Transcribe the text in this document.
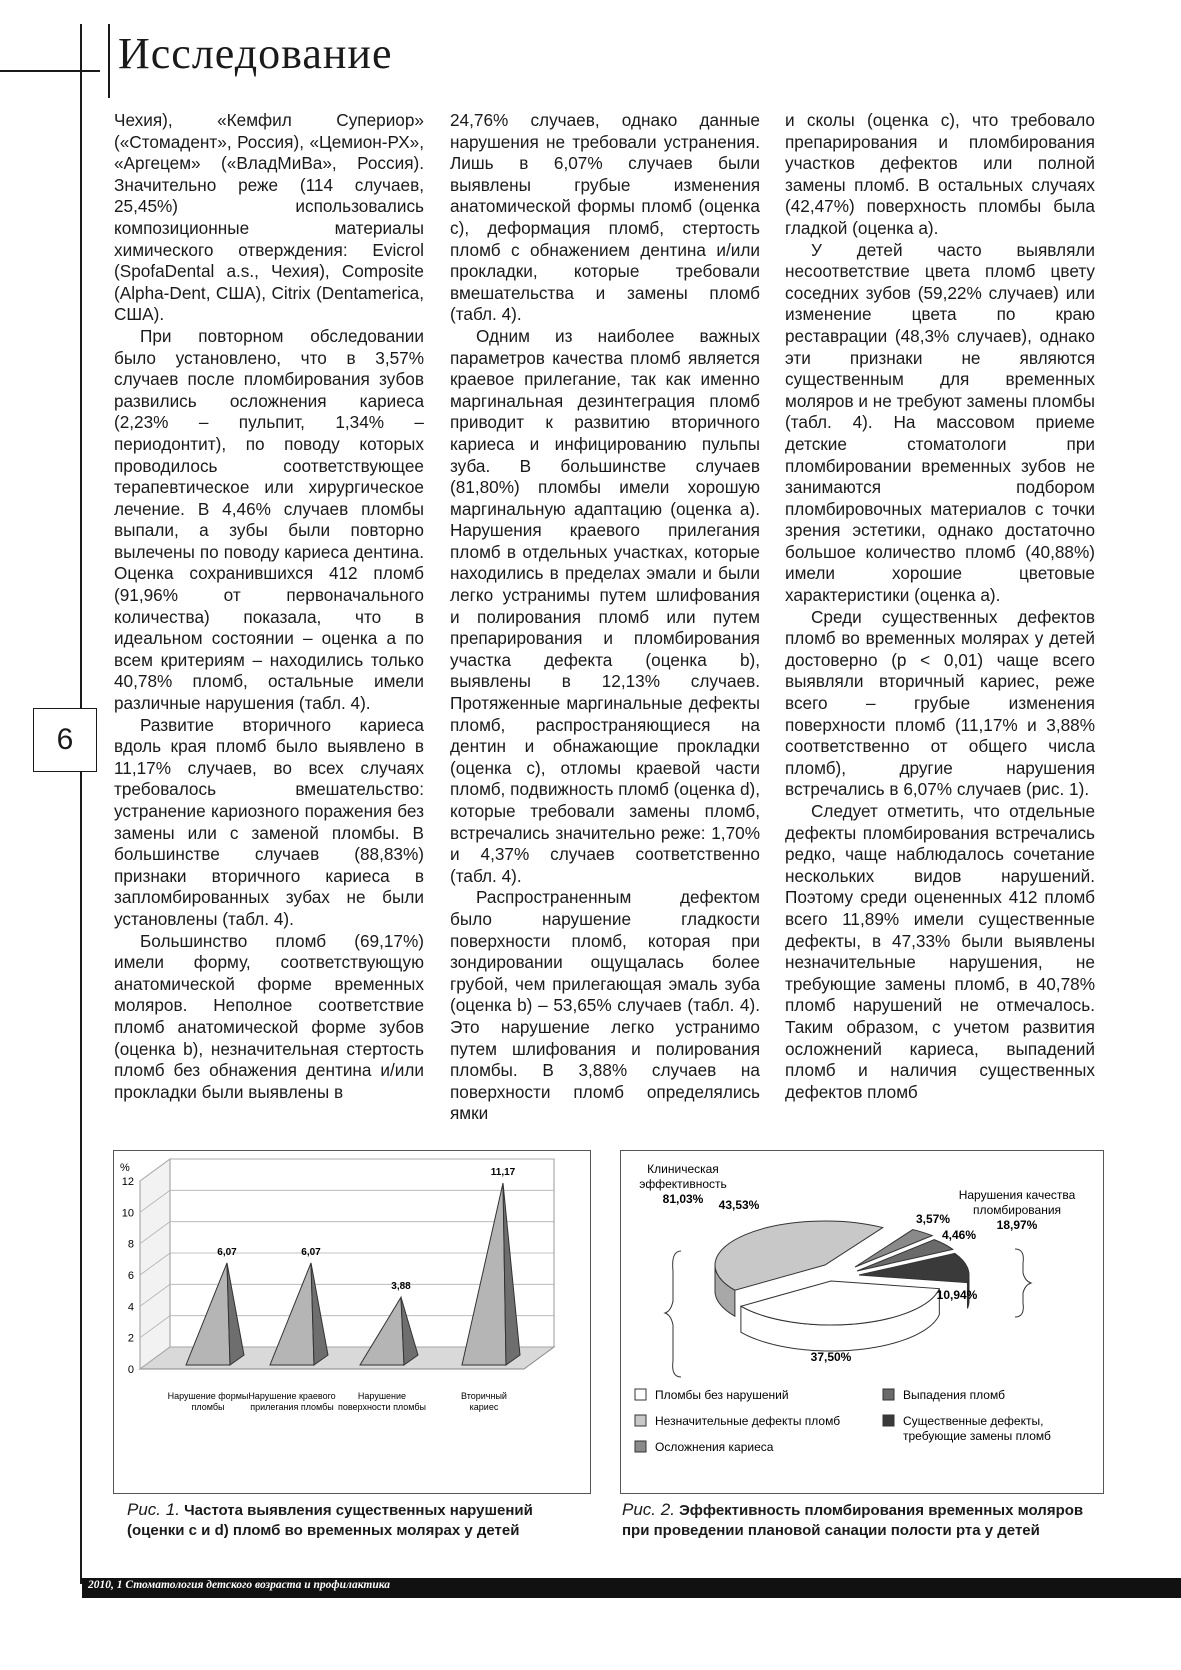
Исследование
6

Чехия), «Кемфил Супериор» («Стомадент», Россия), «Цемион-РХ», «Аргецем» («ВладМиВа», Россия). Значительно реже (114 случаев, 25,45%) использовались композиционные материалы химического отверждения: Evicrol (SpofaDental a.s., Чехия), Composite (Alpha-Dent, США), Citrix (Dentamerica, США).

При повторном обследовании было установлено, что в 3,57% случаев после пломбирования зубов развились осложнения кариеса (2,23% – пульпит, 1,34% – периодонтит), по поводу которых проводилось соответствующее терапевтическое или хирургическое лечение. В 4,46% случаев пломбы выпали, а зубы были повторно вылечены по поводу кариеса дентина. Оценка сохранившихся 412 пломб (91,96% от первоначального количества) показала, что в идеальном состоянии – оценка а по всем критериям – находились только 40,78% пломб, остальные имели различные нарушения (табл. 4).

Развитие вторичного кариеса вдоль края пломб было выявлено в 11,17% случаев, во всех случаях требовалось вмешательство: устранение кариозного поражения без замены или с заменой пломбы. В большинстве случаев (88,83%) признаки вторичного кариеса в запломбированных зубах не были установлены (табл. 4).

Большинство пломб (69,17%) имели форму, соответствующую анатомической форме временных моляров. Неполное соответствие пломб анатомической форме зубов (оценка b), незначительная стертость пломб без обнажения дентина и/или прокладки были выявлены в

24,76% случаев, однако данные нарушения не требовали устранения. Лишь в 6,07% случаев были выявлены грубые изменения анатомической формы пломб (оценка c), деформация пломб, стертость пломб с обнажением дентина и/или прокладки, которые требовали вмешательства и замены пломб (табл. 4).

Одним из наиболее важных параметров качества пломб является краевое прилегание, так как именно маргинальная дезинтеграция пломб приводит к развитию вторичного кариеса и инфицированию пульпы зуба. В большинстве случаев (81,80%) пломбы имели хорошую маргинальную адаптацию (оценка a). Нарушения краевого прилегания пломб в отдельных участках, которые находились в пределах эмали и были легко устранимы путем шлифования и полирования пломб или путем препарирования и пломбирования участка дефекта (оценка b), выявлены в 12,13% случаев. Протяженные маргинальные дефекты пломб, распространяющиеся на дентин и обнажающие прокладки (оценка c), отломы краевой части пломб, подвижность пломб (оценка d), которые требовали замены пломб, встречались значительно реже: 1,70% и 4,37% случаев соответственно (табл. 4).

Распространенным дефектом было нарушение гладкости поверхности пломб, которая при зондировании ощущалась более грубой, чем прилегающая эмаль зуба (оценка b) – 53,65% случаев (табл. 4). Это нарушение легко устранимо путем шлифования и полирования пломбы. В 3,88% случаев на поверхности пломб определялись ямки

и сколы (оценка c), что требовало препарирования и пломбирования участков дефектов или полной замены пломб. В остальных случаях (42,47%) поверхность пломбы была гладкой (оценка a).

У детей часто выявляли несоответствие цвета пломб цвету соседних зубов (59,22% случаев) или изменение цвета по краю реставрации (48,3% случаев), однако эти признаки не являются существенным для временных моляров и не требуют замены пломбы (табл. 4). На массовом приеме детские стоматологи при пломбировании временных зубов не занимаются подбором пломбировочных материалов с точки зрения эстетики, однако достаточно большое количество пломб (40,88%) имели хорошие цветовые характеристики (оценка a).

Среди существенных дефектов пломб во временных молярах у детей достоверно (p < 0,01) чаще всего выявляли вторичный кариес, реже всего – грубые изменения поверхности пломб (11,17% и 3,88% соответственно от общего числа пломб), другие нарушения встречались в 6,07% случаев (рис. 1).

Следует отметить, что отдельные дефекты пломбирования встречались редко, чаще наблюдалось сочетание нескольких видов нарушений. Поэтому среди оцененных 412 пломб всего 11,89% имели существенные дефекты, в 47,33% были выявлены незначительные нарушения, не требующие замены пломб, в 40,78% пломб нарушений не отмечалось. Таким образом, с учетом развития осложнений кариеса, выпадений пломб и наличия существенных дефектов пломб

0
2
4
6
8
10
12
%
6,07
Нарушение формы
пломбы
6,07
Нарушение краевого
прилегания пломбы
3,88
Нарушение
поверхности пломбы
11,17
Вторичный
кариес
Рис. 1. Частота выявления существенных нарушений (оценки c и d) пломб во временных молярах у детей
37,50%
43,53%
3,57%
4,46%
10,94%
Клиническая
эффективность
81,03%	Нарушения качества
пломбирования
18,97%
Пломбы без нарушений	Выпадения пломб
Незначительные дефекты пломб	Существенные дефекты,
требующие замены пломб
Осложнения кариеса
Рис. 2. Эффективность пломбирования временных моляров при проведении плановой санации полости рта у детей
2010, 1 Стоматология детского возраста и профилактика
